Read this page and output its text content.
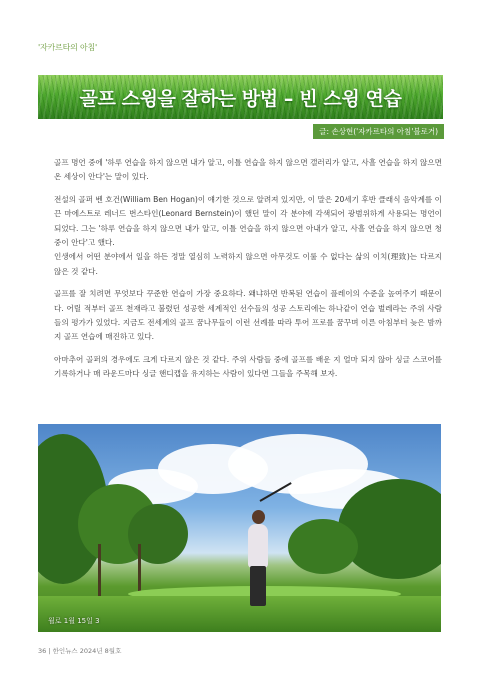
'자카르타의 아침'
골프 스윙을 잘하는 방법 – 빈 스윙 연습
글: 손상현('자카르타의 아침'블로거)

골프 명언 중에 '하루 연습을 하지 않으면 내가 알고, 이틀 연습을 하지 않으면 갤러리가 알고, 사흘 연습을 하지 않으면 온 세상이 안다'는 말이 있다.

전설의 골퍼 벤 호건(William Ben Hogan)이 얘기한 것으로 알려져 있지만, 이 말은 20세기 후반 클래식 음악계를 이끈 마에스트로 레너드 번스타인(Leonard Bernstein)이 했던 말이 각 분야에 각색되어 광범위하게 사용되는 명언이 되었다. 그는 '하루 연습을 하지 않으면 내가 알고, 이틀 연습을 하지 않으면 아내가 알고, 사흘 연습을 하지 않으면 청중이 안다'고 했다.

인생에서 어떤 분야에서 일을 하든 정말 열심히 노력하지 않으면 아무것도 이룰 수 없다는 삶의 이치(理致)는 다르지 않은 것 같다.

골프를 잘 치려면 무엇보다 꾸준한 연습이 가장 중요하다. 왜냐하면 반복된 연습이 플레이의 수준을 높여주기 때문이다. 어릴 적부터 골프 천재라고 불렸던 성공한 세계적인 선수들의 성공 스토리에는 하나같이 연습 벌레라는 주위 사람들의 평가가 있었다. 지금도 전세계의 골프 꿈나무들이 이런 선례를 따라 투어 프로를 꿈꾸며 이른 아침부터 늦은 밤까지 골프 연습에 매진하고 있다.

아마추어 골퍼의 경우에도 크게 다르지 않은 것 같다. 주위 사람들 중에 골프를 배운 지 얼마 되지 않아 싱글 스코어를 기록하거나 매 라운드마다 싱글 핸디캡을 유지하는 사람이 있다면 그들을 주목해 보자.

월로 1월 15일 3
36 | 한인뉴스 2024년 8월호
